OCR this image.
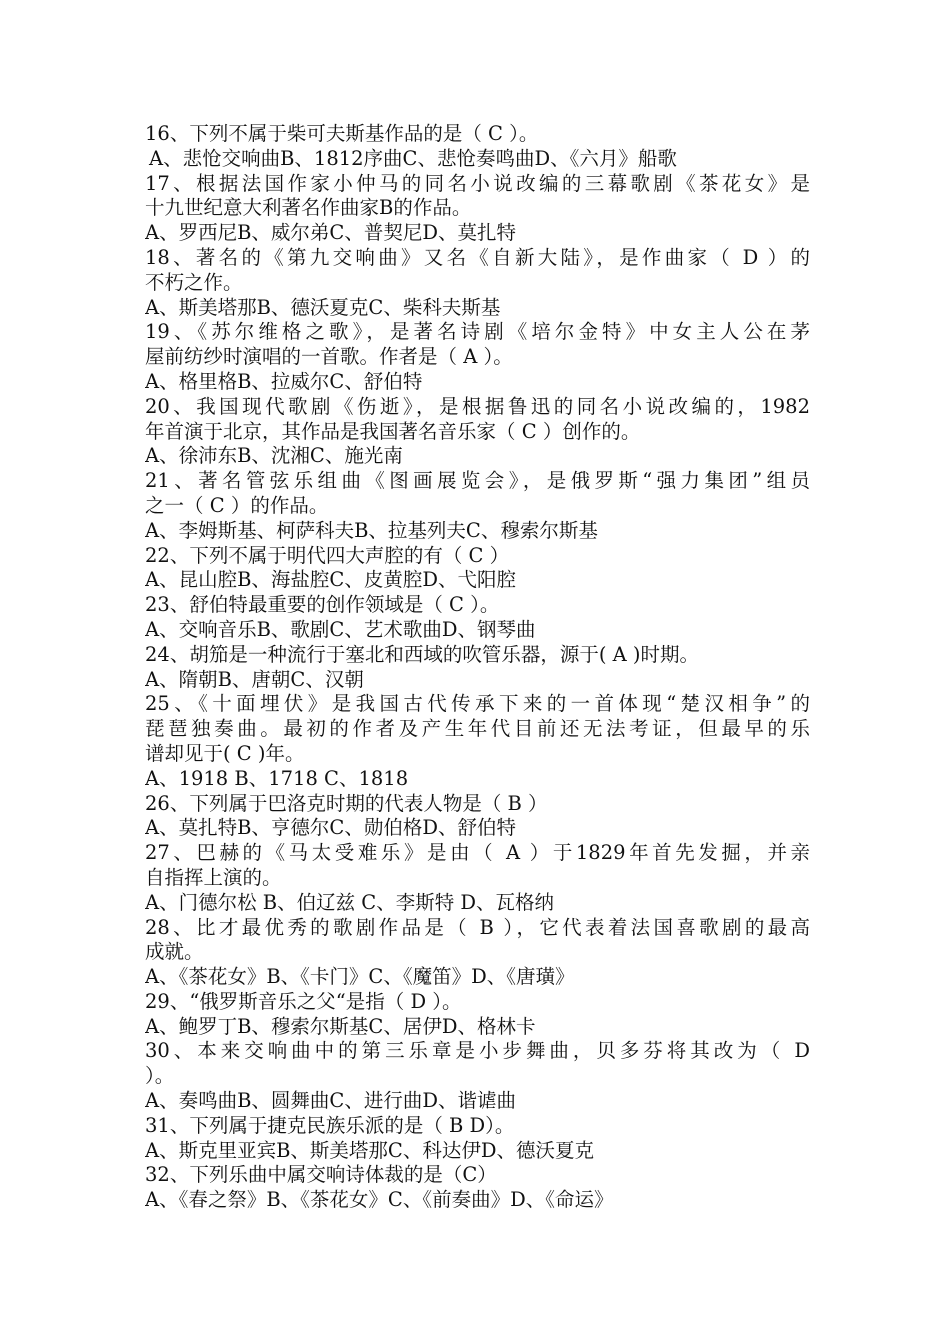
16、下列不属于柴可夫斯基作品的是（ C ）。
A、悲怆交响曲B、1812序曲C、悲怆奏鸣曲D、《六月》船歌
17、根据法国作家小仲马的同名小说改编的三幕歌剧《茶花女》是
十九世纪意大利著名作曲家B的作品。
A、罗西尼B、威尔弟C、普契尼D、莫扎特
18、著名的《第九交响曲》又名《自新大陆》，是作曲家（ D ）的
不朽之作。
A、斯美塔那B、德沃夏克C、柴科夫斯基
19、《苏尔维格之歌》，是著名诗剧《培尔金特》中女主人公在茅
屋前纺纱时演唱的一首歌。作者是（ A ）。
A、格里格B、拉威尔C、舒伯特
20、我国现代歌剧《伤逝》，是根据鲁迅的同名小说改编的，1982
年首演于北京，其作品是我国著名音乐家（ C ）创作的。
A、徐沛东B、沈湘C、施光南
21、著名管弦乐组曲《图画展览会》，是俄罗斯“强力集团”组员
之一（ C ）的作品。
A、李姆斯基、柯萨科夫B、拉基列夫C、穆索尔斯基
22、下列不属于明代四大声腔的有（ C ）
A、昆山腔B、海盐腔C、皮黄腔D、弋阳腔
23、舒伯特最重要的创作领域是（ C ）。
A、交响音乐B、歌剧C、艺术歌曲D、钢琴曲
24、胡笳是一种流行于塞北和西域的吹管乐器，源于( A )时期。
A、隋朝B、唐朝C、汉朝
25、《十面埋伏》是我国古代传承下来的一首体现“楚汉相争”的
琵琶独奏曲。最初的作者及产生年代目前还无法考证，但最早的乐
谱却见于( C )年。
A、1918 B、1718 C、1818
26、下列属于巴洛克时期的代表人物是（ B ）
A、莫扎特B、亨德尔C、勋伯格D、舒伯特
27、巴赫的《马太受难乐》是由（ A ）于1829年首先发掘，并亲
自指挥上演的。
A、门德尔松 B、伯辽兹 C、李斯特 D、瓦格纳
28、比才最优秀的歌剧作品是（ B ），它代表着法国喜歌剧的最高
成就。
A、《茶花女》B、《卡门》C、《魔笛》D、《唐璜》
29、“俄罗斯音乐之父“是指（ D ）。
A、鲍罗丁B、穆索尔斯基C、居伊D、格林卡
30、本来交响曲中的第三乐章是小步舞曲，贝多芬将其改为（ D
）。
A、奏鸣曲B、圆舞曲C、进行曲D、谐谑曲
31、下列属于捷克民族乐派的是（ B D）。
A、斯克里亚宾B、斯美塔那C、科达伊D、德沃夏克
32、下列乐曲中属交响诗体裁的是（C）
A、《春之祭》B、《茶花女》C、《前奏曲》D、《命运》
